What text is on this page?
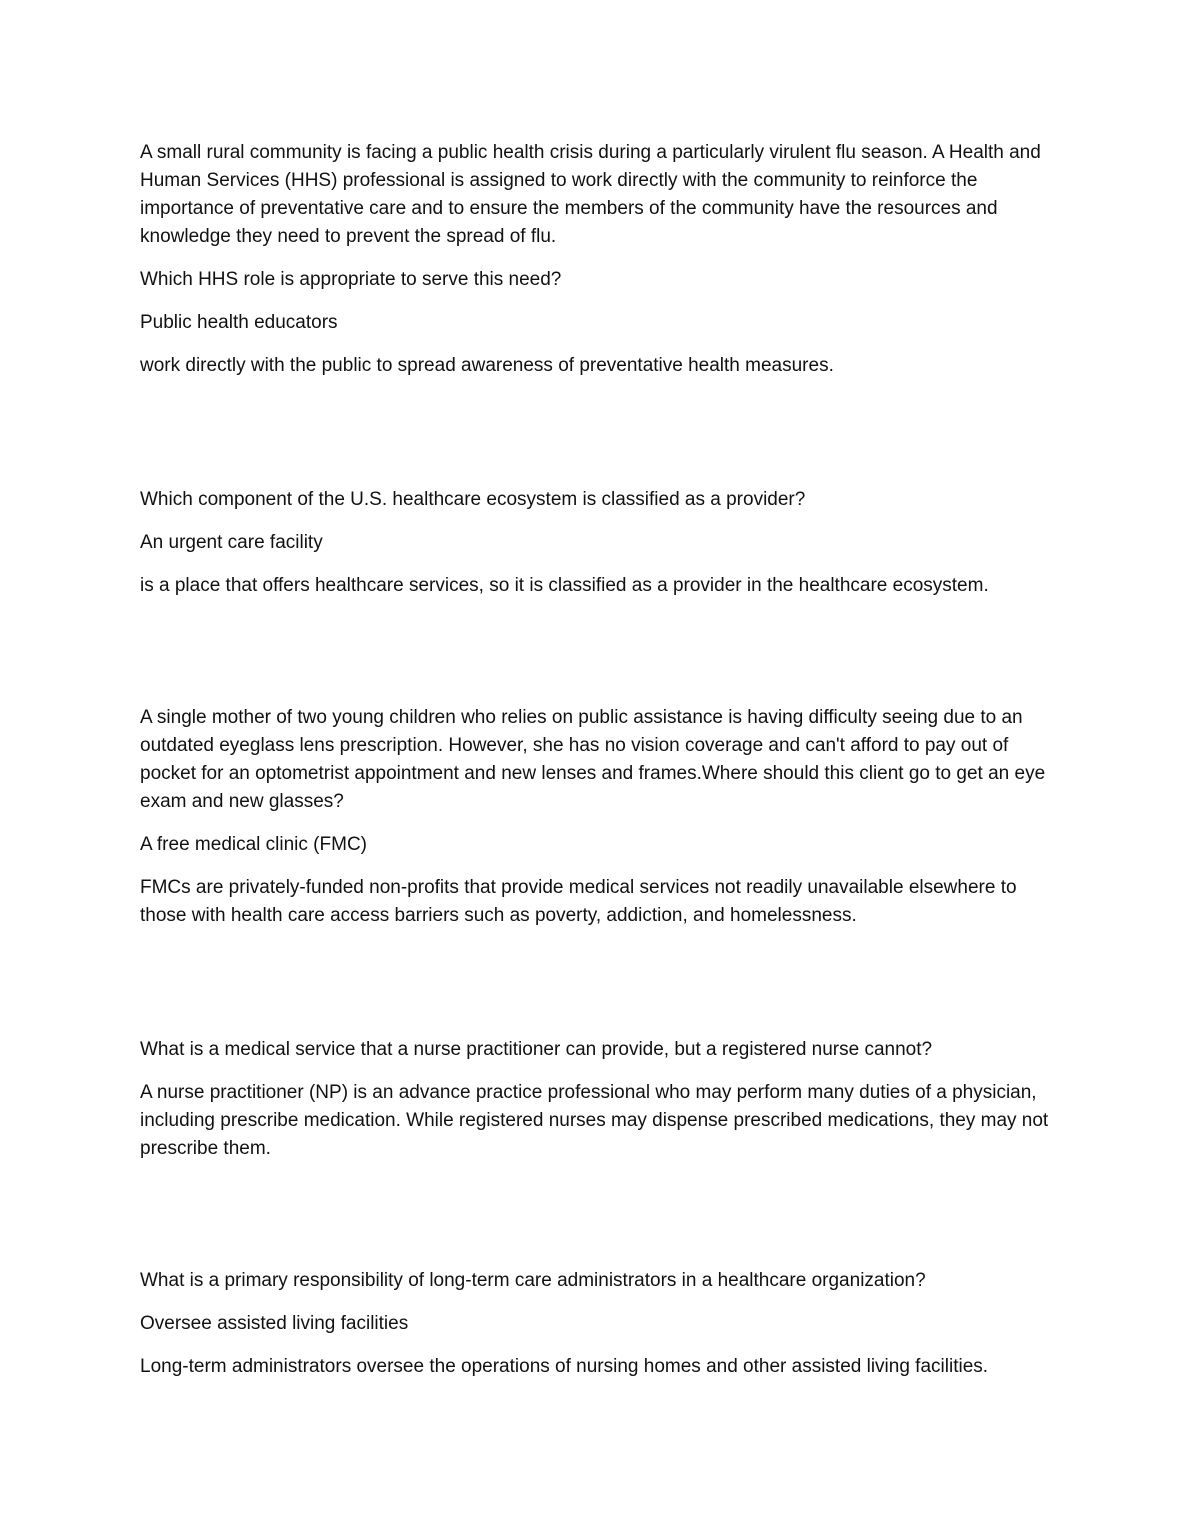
A small rural community is facing a public health crisis during a particularly virulent flu season. A Health and Human Services (HHS) professional is assigned to work directly with the community to reinforce the importance of preventative care and to ensure the members of the community have the resources and knowledge they need to prevent the spread of flu.

Which HHS role is appropriate to serve this need?

Public health educators

work directly with the public to spread awareness of preventative health measures.

Which component of the U.S. healthcare ecosystem is classified as a provider?

An urgent care facility

is a place that offers healthcare services, so it is classified as a provider in the healthcare ecosystem.

A single mother of two young children who relies on public assistance is having difficulty seeing due to an outdated eyeglass lens prescription. However, she has no vision coverage and can't afford to pay out of pocket for an optometrist appointment and new lenses and frames.Where should this client go to get an eye exam and new glasses?

A free medical clinic (FMC)

FMCs are privately-funded non-profits that provide medical services not readily unavailable elsewhere to those with health care access barriers such as poverty, addiction, and homelessness.

What is a medical service that a nurse practitioner can provide, but a registered nurse cannot?

A nurse practitioner (NP) is an advance practice professional who may perform many duties of a physician, including prescribe medication. While registered nurses may dispense prescribed medications, they may not prescribe them.

What is a primary responsibility of long-term care administrators in a healthcare organization?

Oversee assisted living facilities

Long-term administrators oversee the operations of nursing homes and other assisted living facilities.
